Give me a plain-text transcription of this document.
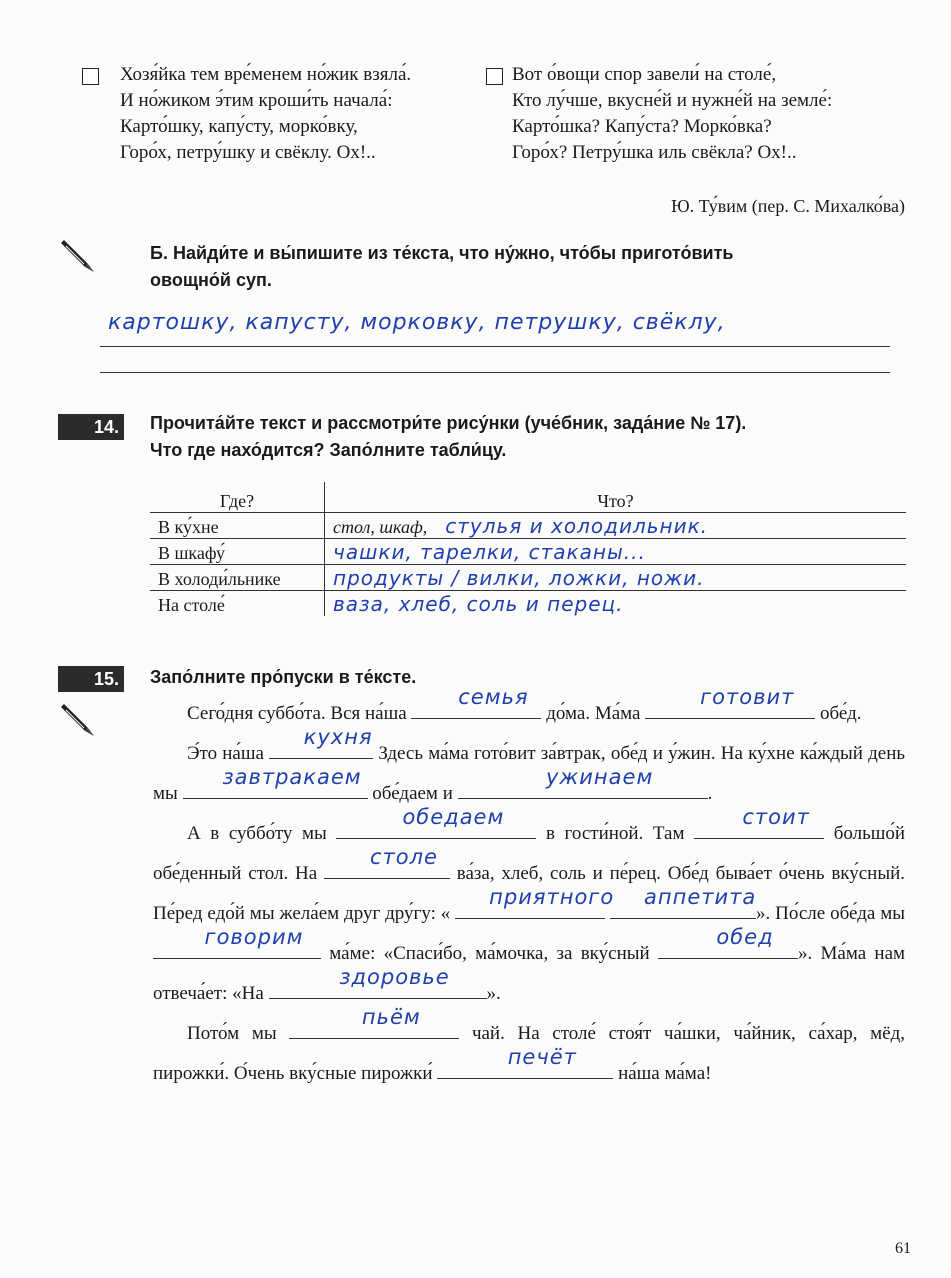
Хозя́йка тем вре́менем но́жик взяла́.
И но́жиком э́тим кроши́ть начала́:
Карто́шку, капу́сту, морко́вку,
Горо́х, петру́шку и свёклу. Ох!..
Вот о́вощи спор завели́ на столе́,
Кто лу́чше, вкусне́й и нужне́й на земле́:
Карто́шка? Капу́ста? Морко́вка?
Горо́х? Петру́шка иль свёкла? Ох!..
Ю. Ту́вим (пер. С. Михалко́ва)
Б. Найди́те и вы́пишите из те́кста, что ну́жно, что́бы пригото́вить
овощно́й суп.
картошку, капусту, морковку, петрушку, свёклу,
14. Прочита́йте текст и рассмотри́те рису́нки (уче́бник, зада́ние № 17).
Что где нахо́дится? Запо́лните табли́цу.
Где?	Что?
В ку́хне	стол, шкаф, стулья и холодильник.
В шкафу́	чашки, тарелки, стаканы...
В холоди́льнике	продукты / вилки, ложки, ножи.
На столе́	ваза, хлеб, соль и перец.
15. Запо́лните про́пуски в те́ксте.
Сего́дня суббо́та. Вся на́ша
семья
до́ма. Ма́ма
готовит
обе́д.
Э́то на́ша
кухня
Здесь ма́ма гото́вит за́втрак, обе́д и у́жин. На ку́хне ка́ждый день мы
завтракаем
обе́даем и
ужинаем
.
А в суббо́ту мы
обедаем
в гости́ной. Там
стоит
большо́й обе́денный стол. На
столе
ва́за, хлеб, соль и пе́рец. Обе́д быва́ет о́чень вку́сный. Пе́ред едо́й мы жела́ем друг дру́гу: «
приятного
	аппетита
». По́сле обе́да мы
говорим
ма́ме: «Спаси́бо, ма́мочка, за вку́сный
обед
». Ма́ма нам отвеча́ет: «На
здоровье
».
Пото́м мы
пьём
чай. На столе́ стоя́т ча́шки, ча́йник, са́хар, мёд, пирожки́. О́чень вку́сные пирожки́
печёт
на́ша ма́ма!
61
